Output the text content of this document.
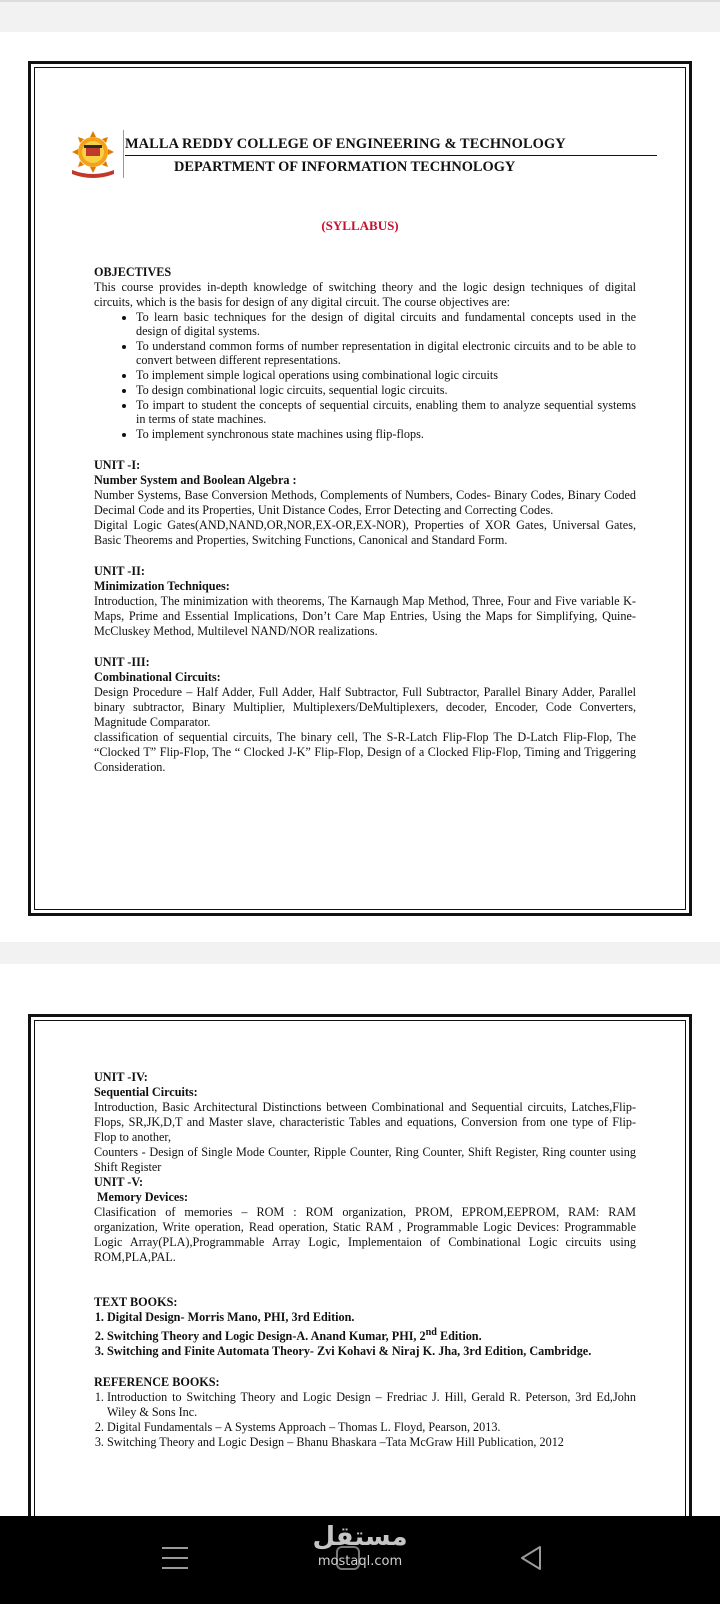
MALLA REDDY COLLEGE OF ENGINEERING & TECHNOLOGY
DEPARTMENT OF INFORMATION TECHNOLOGY
(SYLLABUS)
OBJECTIVES

This course provides in-depth knowledge of switching theory and the logic design techniques of digital circuits, which is the basis for design of any digital circuit. The course objectives are:

• To learn basic techniques for the design of digital circuits and fundamental concepts used in the design of digital systems.
• To understand common forms of number representation in digital electronic circuits and to be able to convert between different representations.
• To implement simple logical operations using combinational logic circuits
• To design combinational logic circuits, sequential logic circuits.
• To impart to student the concepts of sequential circuits, enabling them to analyze sequential systems in terms of state machines.
• To implement synchronous state machines using flip-flops.
UNIT -I:
Number System and Boolean Algebra :

Number Systems, Base Conversion Methods, Complements of Numbers, Codes- Binary Codes, Binary Coded Decimal Code and its Properties, Unit Distance Codes, Error Detecting and Correcting Codes.

Digital Logic Gates(AND,NAND,OR,NOR,EX-OR,EX-NOR), Properties of XOR Gates, Universal Gates, Basic Theorems and Properties, Switching Functions, Canonical and Standard Form.

UNIT -II:
Minimization Techniques:

Introduction, The minimization with theorems, The Karnaugh Map Method, Three, Four and Five variable K- Maps, Prime and Essential Implications, Don’t Care Map Entries, Using the Maps for Simplifying, Quine-McCluskey Method, Multilevel NAND/NOR realizations.

UNIT -III:
Combinational Circuits:

Design Procedure – Half Adder, Full Adder, Half Subtractor, Full Subtractor, Parallel Binary Adder, Parallel binary subtractor, Binary Multiplier, Multiplexers/DeMultiplexers, decoder, Encoder, Code Converters, Magnitude Comparator.

classification of sequential circuits, The binary cell, The S-R-Latch Flip-Flop The D-Latch Flip-Flop, The “Clocked T” Flip-Flop, The “ Clocked J-K” Flip-Flop, Design of a Clocked Flip-Flop, Timing and Triggering Consideration.

UNIT -IV:
Sequential Circuits:

Introduction, Basic Architectural Distinctions between Combinational and Sequential circuits, Latches,Flip-Flops, SR,JK,D,T and Master slave, characteristic Tables and equations, Conversion from one type of Flip-Flop to another,

Counters - Design of Single Mode Counter, Ripple Counter, Ring Counter, Shift Register, Ring counter using Shift Register

UNIT -V:
Memory Devices:

Clasification of memories – ROM : ROM organization, PROM, EPROM,EEPROM, RAM: RAM organization, Write operation, Read operation, Static RAM , Programmable Logic Devices: Programmable Logic Array(PLA),Programmable Array Logic, Implementaion of Combinational Logic circuits using ROM,PLA,PAL.

TEXT BOOKS:
1. Digital Design- Morris Mano, PHI, 3rd Edition.
2. Switching Theory and Logic Design-A. Anand Kumar, PHI, 2nd Edition.
3. Switching and Finite Automata Theory- Zvi Kohavi & Niraj K. Jha, 3rd Edition, Cambridge.
REFERENCE BOOKS:
1. Introduction to Switching Theory and Logic Design – Fredriac J. Hill, Gerald R. Peterson, 3rd Ed,John Wiley & Sons Inc.
2. Digital Fundamentals – A Systems Approach – Thomas L. Floyd, Pearson, 2013.
3. Switching Theory and Logic Design – Bhanu Bhaskara –Tata McGraw Hill Publication, 2012
مستقل
mostaql.com
